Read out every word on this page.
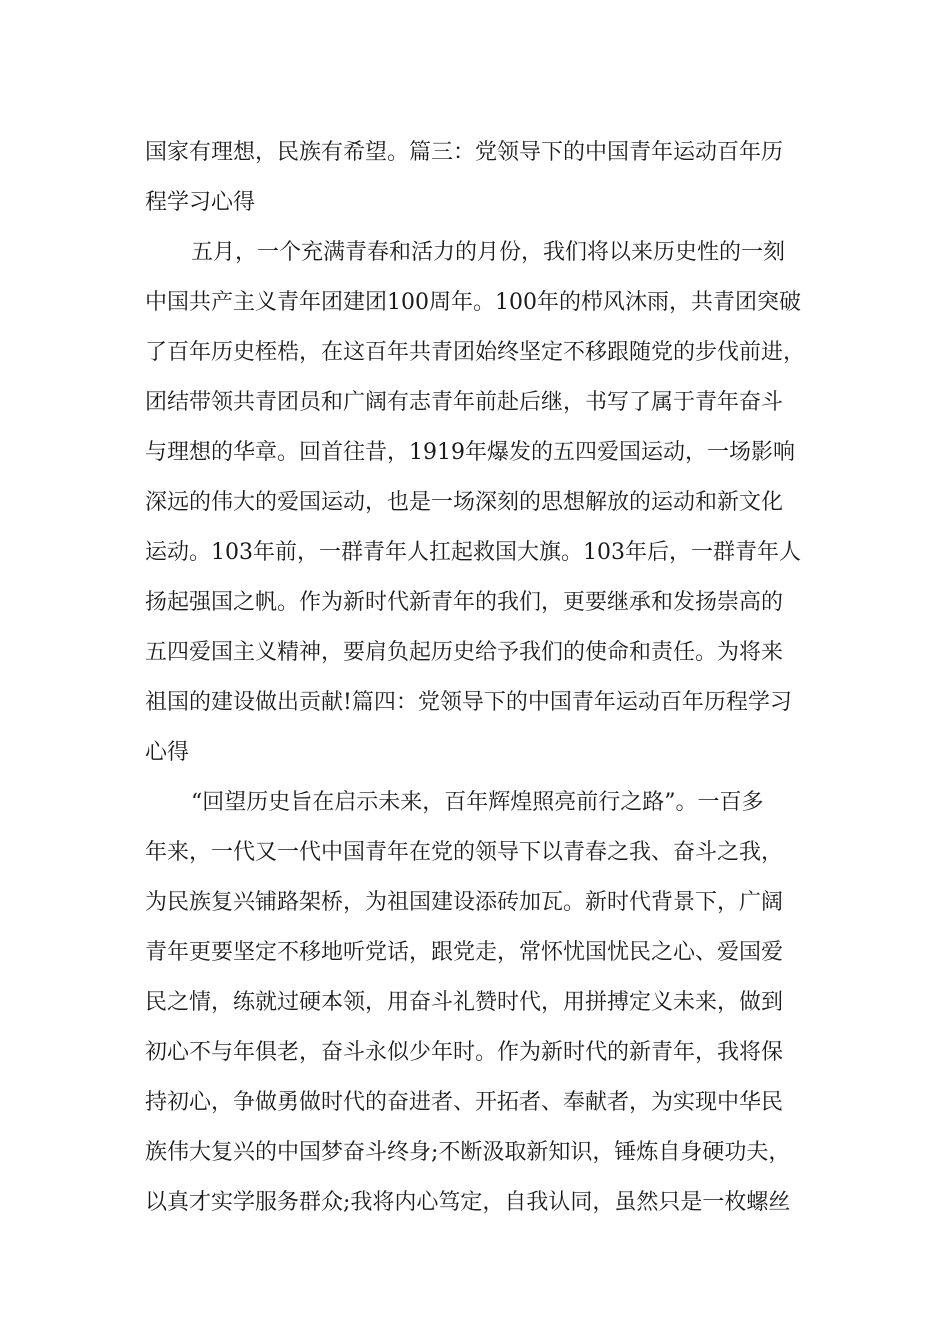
国家有理想，民族有希望。篇三：党领导下的中国青年运动百年历
程学习心得
五月，一个充满青春和活力的月份，我们将以来历史性的一刻
中国共产主义青年团建团100周年。100年的栉风沐雨，共青团突破
了百年历史桎梏，在这百年共青团始终坚定不移跟随党的步伐前进，
团结带领共青团员和广阔有志青年前赴后继，书写了属于青年奋斗
与理想的华章。回首往昔，1919年爆发的五四爱国运动，一场影响
深远的伟大的爱国运动，也是一场深刻的思想解放的运动和新文化
运动。103年前，一群青年人扛起救国大旗。103年后，一群青年人
扬起强国之帆。作为新时代新青年的我们，更要继承和发扬崇高的
五四爱国主义精神，要肩负起历史给予我们的使命和责任。为将来
祖国的建设做出贡献!篇四：党领导下的中国青年运动百年历程学习
心得
“回望历史旨在启示未来，百年辉煌照亮前行之路”。一百多
年来，一代又一代中国青年在党的领导下以青春之我、奋斗之我，
为民族复兴铺路架桥，为祖国建设添砖加瓦。新时代背景下，广阔
青年更要坚定不移地听党话，跟党走，常怀忧国忧民之心、爱国爱
民之情，练就过硬本领，用奋斗礼赞时代，用拼搏定义未来，做到
初心不与年俱老，奋斗永似少年时。作为新时代的新青年，我将保
持初心，争做勇做时代的奋进者、开拓者、奉献者，为实现中华民
族伟大复兴的中国梦奋斗终身;不断汲取新知识，锤炼自身硬功夫，
以真才实学服务群众;我将内心笃定，自我认同，虽然只是一枚螺丝
